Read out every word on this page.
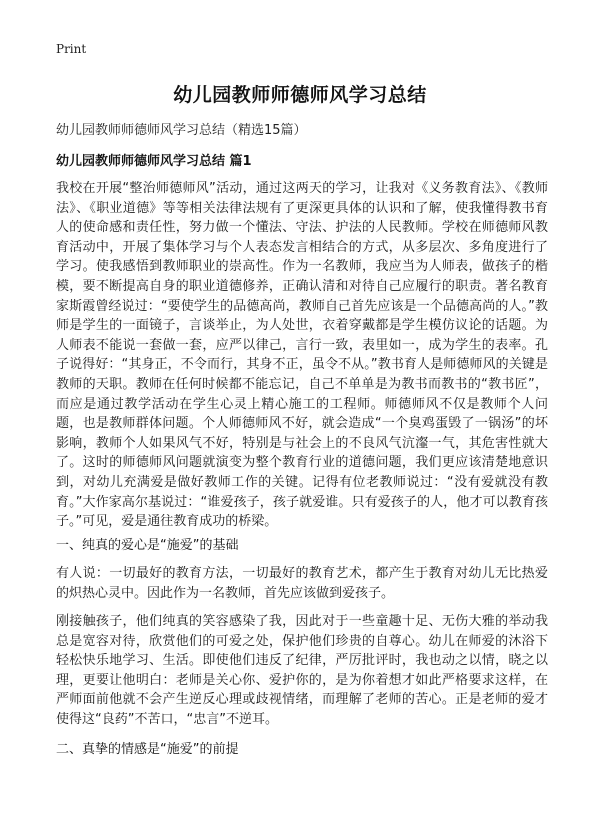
Print
幼儿园教师师德师风学习总结
幼儿园教师师德师风学习总结（精选15篇）
幼儿园教师师德师风学习总结 篇1

我校在开展“整治师德师风”活动，通过这两天的学习，让我对《义务教育法》、《教师法》、《职业道德》等等相关法律法规有了更深更具体的认识和了解，使我懂得教书育人的使命感和责任性，努力做一个懂法、守法、护法的人民教师。学校在师德师风教育活动中，开展了集体学习与个人表态发言相结合的方式，从多层次、多角度进行了学习。使我感悟到教师职业的崇高性。作为一名教师，我应当为人师表，做孩子的楷模，要不断提高自身的职业道德修养，正确认清和对待自己应履行的职责。著名教育家斯霞曾经说过：“要使学生的品德高尚，教师自己首先应该是一个品德高尚的人。”教师是学生的一面镜子，言谈举止，为人处世，衣着穿戴都是学生模仿议论的话题。为人师表不能说一套做一套，应严以律己，言行一致，表里如一，成为学生的表率。孔子说得好：“其身正，不令而行，其身不正，虽令不从。”教书育人是师德师风的关键是教师的天职。教师在任何时候都不能忘记，自己不单单是为教书而教书的“教书匠”，而应是通过教学活动在学生心灵上精心施工的工程师。师德师风不仅是教师个人问题，也是教师群体问题。个人师德师风不好，就会造成“一个臭鸡蛋毁了一锅汤”的坏影响，教师个人如果风气不好，特别是与社会上的不良风气沆瀣一气，其危害性就大了。这时的师德师风问题就演变为整个教育行业的道德问题，我们更应该清楚地意识到，对幼儿充满爱是做好教师工作的关键。记得有位老教师说过：“没有爱就没有教育。”大作家高尔基说过：“谁爱孩子，孩子就爱谁。只有爱孩子的人，他才可以教育孩子。”可见，爱是通往教育成功的桥梁。

一、纯真的爱心是“施爱”的基础

有人说：一切最好的教育方法，一切最好的教育艺术，都产生于教育对幼儿无比热爱的炽热心灵中。因此作为一名教师，首先应该做到爱孩子。

刚接触孩子，他们纯真的笑容感染了我，因此对于一些童趣十足、无伤大雅的举动我总是宽容对待，欣赏他们的可爱之处，保护他们珍贵的自尊心。幼儿在师爱的沐浴下轻松快乐地学习、生活。即使他们违反了纪律，严厉批评时，我也动之以情，晓之以理，更要让他明白：老师是关心你、爱护你的，是为你着想才如此严格要求这样，在严师面前他就不会产生逆反心理或歧视情绪，而理解了老师的苦心。正是老师的爱才使得这“良药”不苦口，“忠言”不逆耳。

二、真挚的情感是“施爱”的前提
